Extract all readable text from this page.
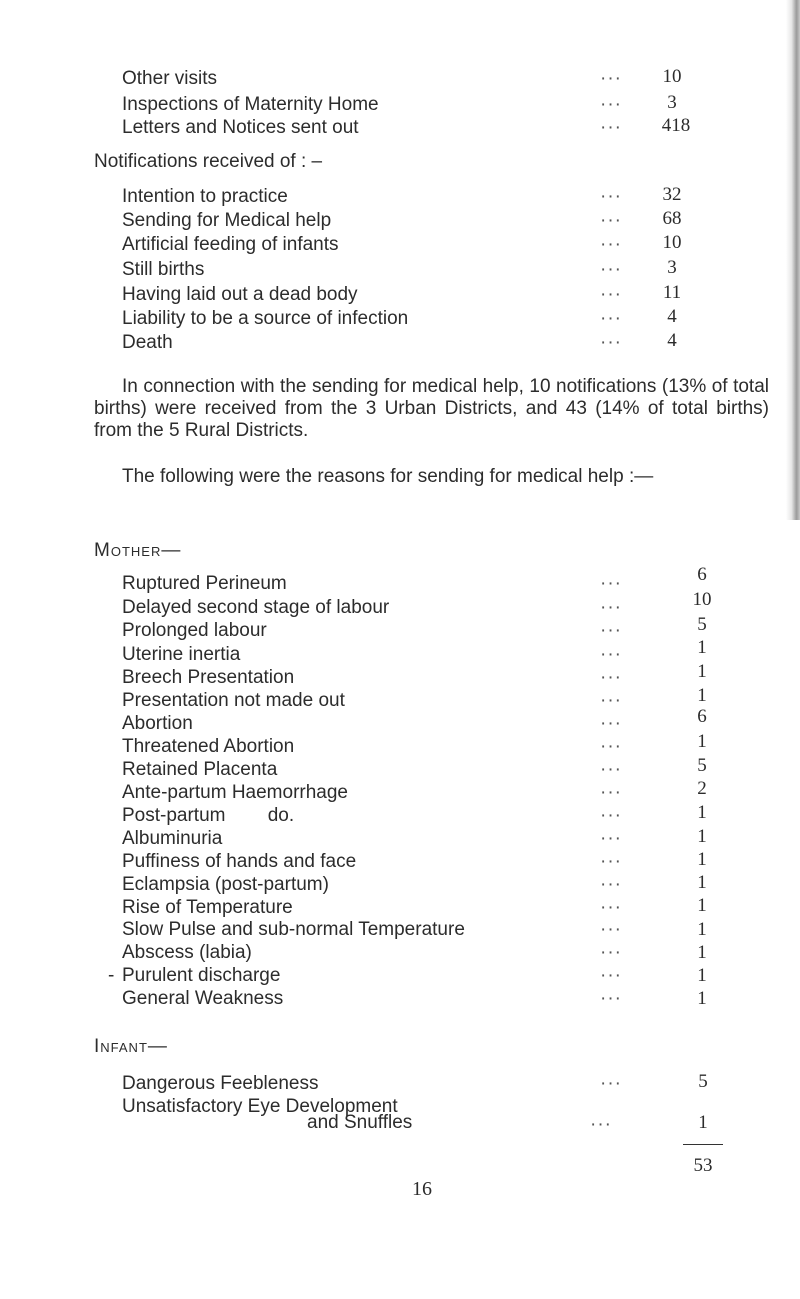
Other visits	···	10
Inspections of Maternity Home	···	3
Letters and Notices sent out	···	418
Notifications received of : –
Intention to practice	···	32
Sending for Medical help	···	68
Artificial feeding of infants	···	10
Still births	···	3
Having laid out a dead body	···	11
Liability to be a source of infection	···	4
Death	···	4
In connection with the sending for medical help, 10 notifications (13% of total births) were received from the 3 Urban Districts, and 43 (14% of total births) from the 5 Rural Districts.
The following were the reasons for sending for medical help :—
Mother—
Ruptured Perineum	···	6
Delayed second stage of labour	···	10
Prolonged labour	···	5
Uterine inertia	···	1
Breech Presentation	···	1
Presentation not made out	···	1
Abortion	···	6
Threatened Abortion	···	1
Retained Placenta	···	5
Ante-partum Haemorrhage	···	2
Post-partum        do.	···	1
Albuminuria	···	1
Puffiness of hands and face	···	1
Eclampsia (post-partum)	···	1
Rise of Temperature	···	1
Slow Pulse and sub-normal Temperature	···	1
Abscess (labia)	···	1
- Purulent discharge	···	1
General Weakness	···	1
Infant—
Dangerous Feebleness	···	5
Unsatisfactory Eye Development
and Snuffles	···	1
53
16
